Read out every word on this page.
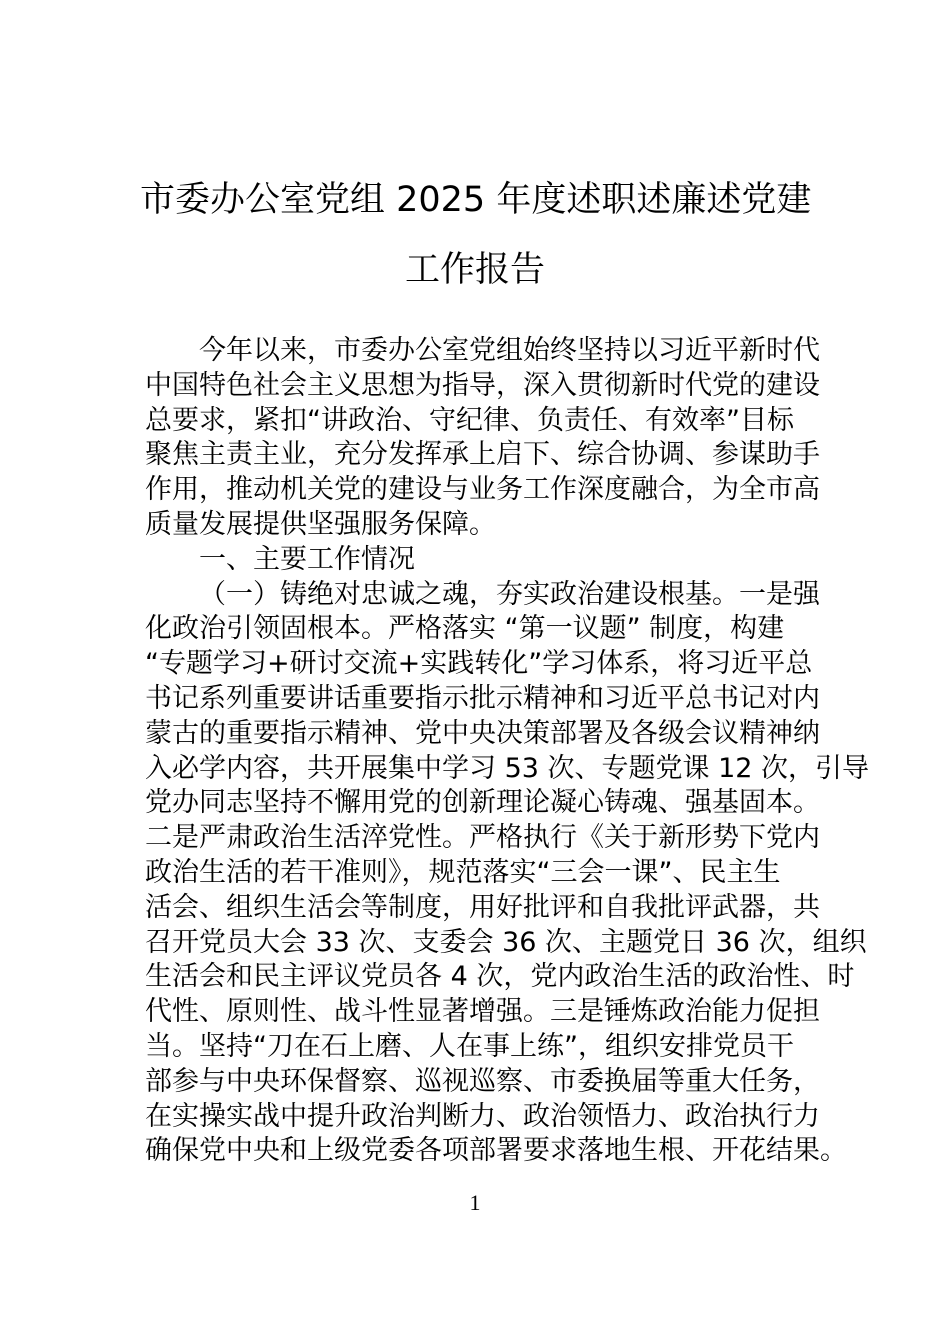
市委办公室党组 2025 年度述职述廉述党建
工作报告
今年以来，市委办公室党组始终坚持以习近平新时代
中国特色社会主义思想为指导，深入贯彻新时代党的建设
总要求，紧扣“讲政治、守纪律、负责任、有效率”目标
聚焦主责主业，充分发挥承上启下、综合协调、参谋助手
作用，推动机关党的建设与业务工作深度融合，为全市高
质量发展提供坚强服务保障。
一、主要工作情况
（一）铸绝对忠诚之魂，夯实政治建设根基。一是强
化政治引领固根本。严格落实 “第一议题” 制度，构建
“专题学习+研讨交流+实践转化”学习体系，将习近平总
书记系列重要讲话重要指示批示精神和习近平总书记对内
蒙古的重要指示精神、党中央决策部署及各级会议精神纳
入必学内容，共开展集中学习 53 次、专题党课 12 次，引导
党办同志坚持不懈用党的创新理论凝心铸魂、强基固本。
二是严肃政治生活淬党性。严格执行《关于新形势下党内
政治生活的若干准则》，规范落实“三会一课”、民主生
活会、组织生活会等制度，用好批评和自我批评武器，共
召开党员大会 33 次、支委会 36 次、主题党日 36 次，组织
生活会和民主评议党员各 4 次，党内政治生活的政治性、时
代性、原则性、战斗性显著增强。三是锤炼政治能力促担
当。坚持“刀在石上磨、人在事上练”，组织安排党员干
部参与中央环保督察、巡视巡察、市委换届等重大任务，
在实操实战中提升政治判断力、政治领悟力、政治执行力
确保党中央和上级党委各项部署要求落地生根、开花结果。
1
